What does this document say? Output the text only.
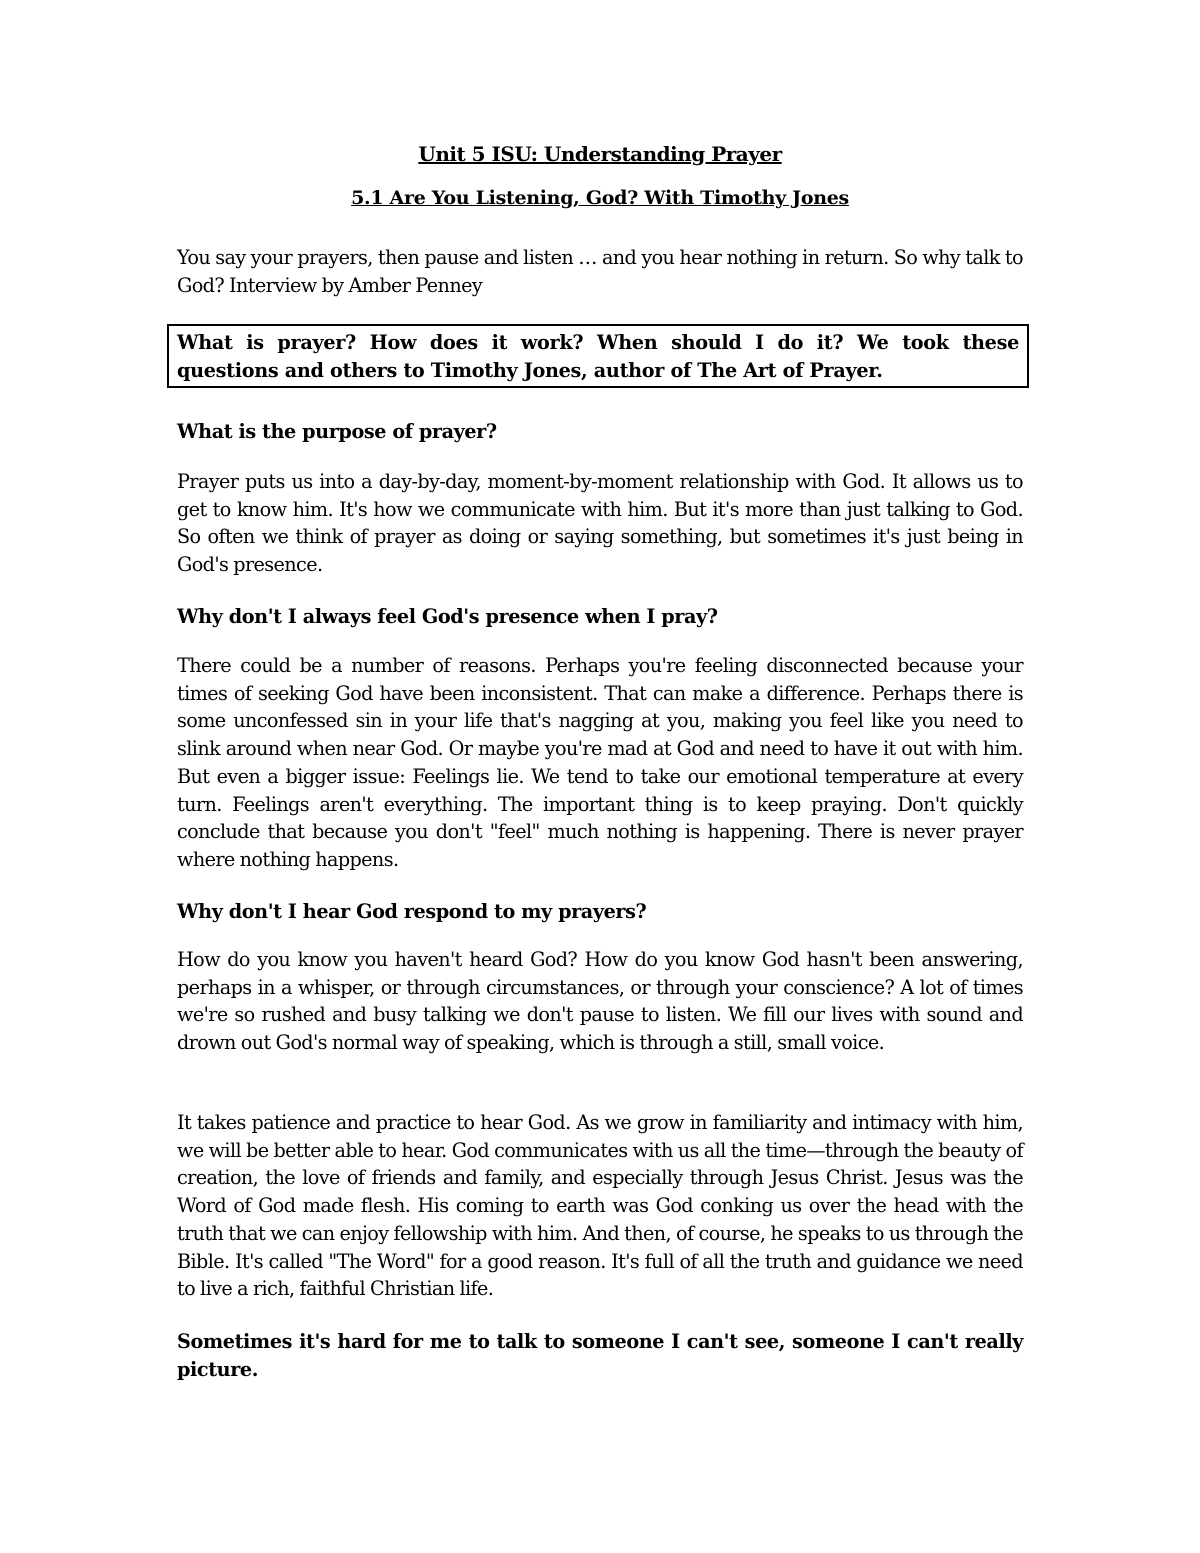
Unit 5 ISU: Understanding Prayer

5.1 Are You Listening, God? With Timothy Jones

You say your prayers, then pause and listen … and you hear nothing in return. So why talk to God? Interview by Amber Penney

What is prayer? How does it work? When should I do it? We took these questions and others to Timothy Jones, author of The Art of Prayer.

What is the purpose of prayer?

Prayer puts us into a day-by-day, moment-by-moment relationship with God. It allows us to get to know him. It's how we communicate with him. But it's more than just talking to God. So often we think of prayer as doing or saying something, but sometimes it's just being in God's presence.

Why don't I always feel God's presence when I pray?

There could be a number of reasons. Perhaps you're feeling disconnected because your times of seeking God have been inconsistent. That can make a difference. Perhaps there is some unconfessed sin in your life that's nagging at you, making you feel like you need to slink around when near God. Or maybe you're mad at God and need to have it out with him. But even a bigger issue: Feelings lie. We tend to take our emotional temperature at every turn. Feelings aren't everything. The important thing is to keep praying. Don't quickly conclude that because you don't "feel" much nothing is happening. There is never prayer where nothing happens.

Why don't I hear God respond to my prayers?

How do you know you haven't heard God? How do you know God hasn't been answering, perhaps in a whisper, or through circumstances, or through your conscience? A lot of times we're so rushed and busy talking we don't pause to listen. We fill our lives with sound and drown out God's normal way of speaking, which is through a still, small voice.

It takes patience and practice to hear God. As we grow in familiarity and intimacy with him, we will be better able to hear. God communicates with us all the time—through the beauty of creation, the love of friends and family, and especially through Jesus Christ. Jesus was the Word of God made flesh. His coming to earth was God conking us over the head with the truth that we can enjoy fellowship with him. And then, of course, he speaks to us through the Bible. It's called "The Word" for a good reason. It's full of all the truth and guidance we need to live a rich, faithful Christian life.

Sometimes it's hard for me to talk to someone I can't see, someone I can't really picture.
